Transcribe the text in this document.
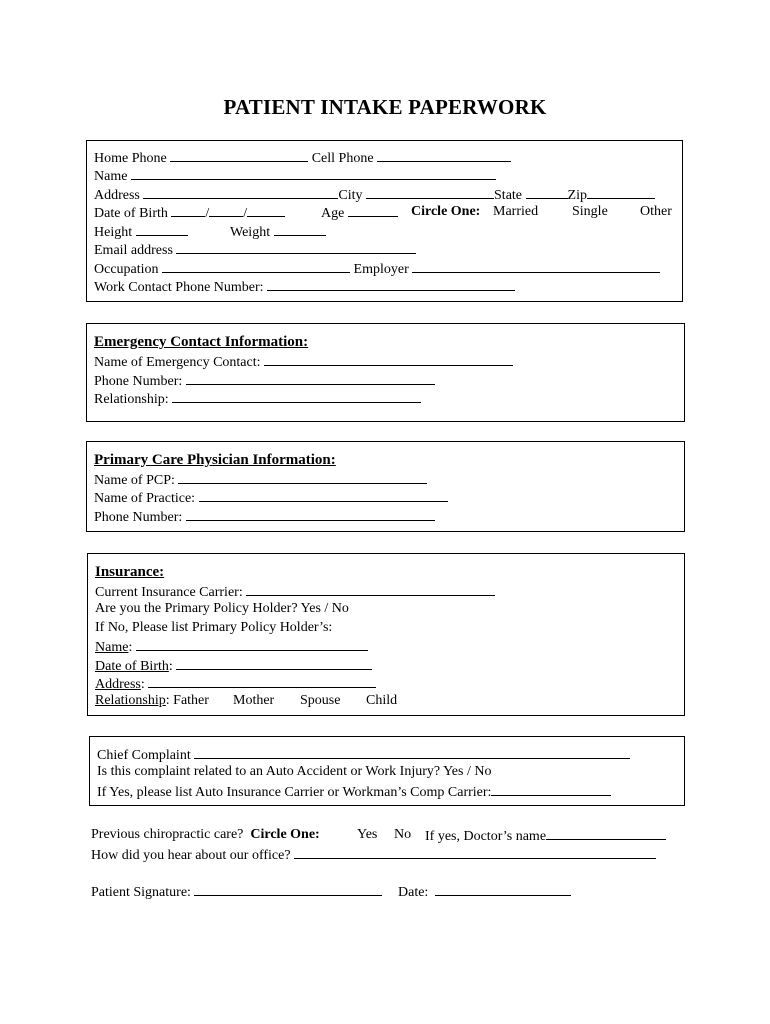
PATIENT INTAKE PAPERWORK
Home Phone	Cell Phone
Name
Address	City	State	Zip
Date of Birth	/ /	Age	Circle One: Married Single Other
Height	Weight
Email address
Occupation	Employer
Work Contact Phone Number:
Emergency Contact Information:
Name of Emergency Contact:
Phone Number:
Relationship:
Primary Care Physician Information:
Name of PCP:
Name of Practice:
Phone Number:
Insurance:
Current Insurance Carrier:
Are you the Primary Policy Holder? Yes / No
If No, Please list Primary Policy Holder’s:
Name:
Date of Birth:
Address:
Relationship: Father Mother Spouse Child
Chief Complaint
Is this complaint related to an Auto Accident or Work Injury? Yes / No
If Yes, please list Auto Insurance Carrier or Workman’s Comp Carrier:
Previous chiropractic care? Circle One:	Yes No If yes, Doctor’s name
How did you hear about our office?
Patient Signature:	Date:
